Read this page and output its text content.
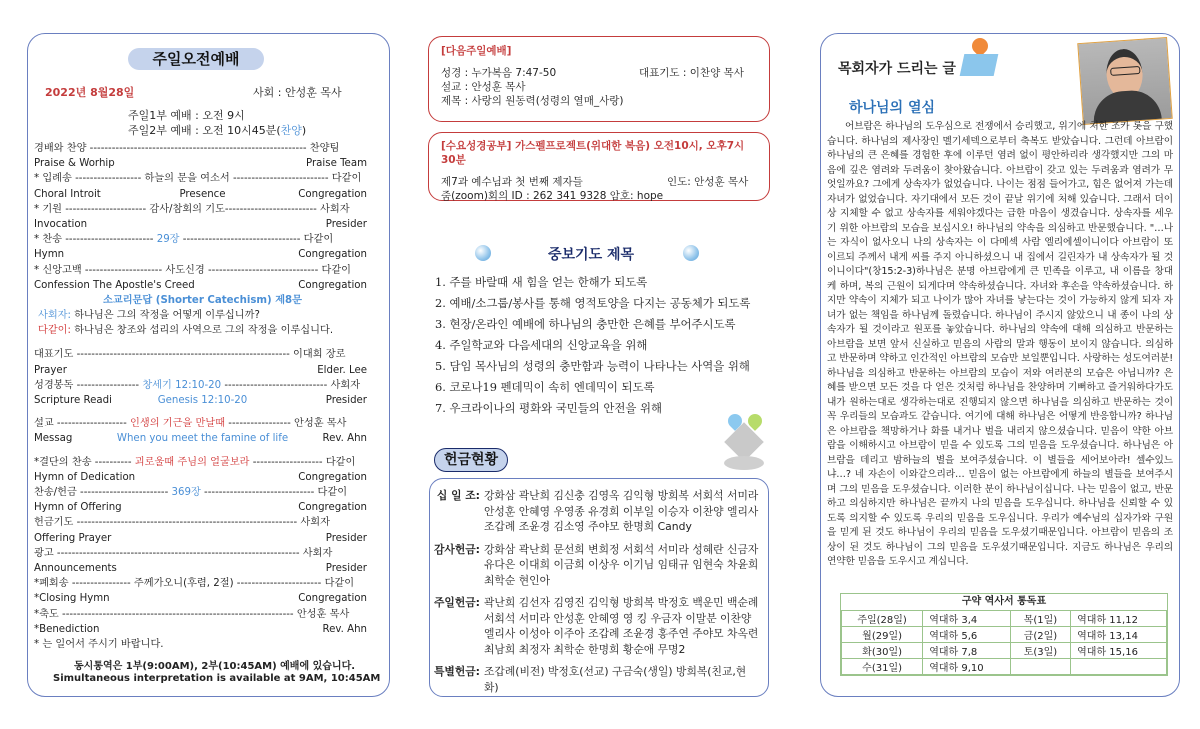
주일오전예배
2022년 8월28일	사회 : 안성훈 목사
주일1부 예배 : 오전 9시
주일2부 예배 : 오전 10시45분(찬양)
경배와 찬양 ----------------------------------------------------------- 찬양팀
Praise & Worhip	Praise Team
* 입례송 ------------------ 하늘의 문을 여소서 -------------------------- 다같이
Choral Introit	Presence	Congregation
* 기원 ---------------------- 감사/참회의 기도------------------------- 사회자
Invocation	Presider
* 찬송 ------------------------ 29장 -------------------------------- 다같이
Hymn	Congregation
* 신앙고백 --------------------- 사도신경 ------------------------------ 다같이
Confession The Apostle's Creed	Congregation
소교리문답 (Shorter Catechism) 제8문
사회자: 하나님은 그의 작정을 어떻게 이루십니까?
다같이: 하나님은 창조와 섭리의 사역으로 그의 작정을 이루십니다.
대표기도 ---------------------------------------------------------- 이대희 장로
Prayer	Elder. Lee
성경봉독 ----------------- 창세기 12:10-20 ---------------------------- 사회자
Scripture Readi	Genesis 12:10-20	Presider
설교 ------------------- 인생의 기근을 만날때 ----------------- 안성훈 목사
Messag	When you meet the famine of life	Rev. Ahn
*결단의 찬송 ---------- 괴로울때 주님의 얼굴보라 ------------------- 다같이
Hymn of Dedication	Congregation
찬송/헌금 ------------------------ 369장 ------------------------------ 다같이
Hymn of Offering	Congregation
헌금기도 ------------------------------------------------------------ 사회자
Offering Prayer	Presider
광고 ------------------------------------------------------------------ 사회자
Announcements	Presider
*폐회송 ---------------- 주께가오니(후렴, 2절) ----------------------- 다같이
*Closing Hymn	Congregation
*축도 --------------------------------------------------------------- 안성훈 목사
*Benediction	Rev. Ahn
* 는 일어서 주시기 바랍니다.
동시통역은 1부(9:00AM), 2부(10:45AM) 예배에 있습니다.
Simultaneous interpretation is available at 9AM, 10:45AM
[다음주일예배]
성경 : 누가복음 7:47-50	대표기도 : 이찬양 목사
설교 : 안성훈 목사
제목 : 사랑의 원동력(성령의 열매_사랑)
[수요성경공부] 가스펠프로젝트(위대한 복음) 오전10시, 오후7시30분
제7과 예수님과 첫 번째 제자들	인도: 안성훈 목사
줌(zoom)회의 ID : 262 341 9328 암호: hope
중보기도 제목
1. 주를 바랄때 새 힘을 얻는 한해가 되도록
2. 예배/소그룹/봉사를 통해 영적토양을 다지는 공동체가 되도록
3. 현장/온라인 예배에 하나님의 충만한 은혜를 부어주시도록
4. 주일학교와 다음세대의 신앙교육을 위해
5. 담임 목사님의 성령의 충만함과 능력이 나타나는 사역을 위해
6. 코로나19 펜데믹이 속히 엔데믹이 되도록
7. 우크라이나의 평화와 국민들의 안전을 위해
헌금현황
십 일 조: 강화삼 곽난희 김신충 김영옥 김익형 방희복 서회석 서미라 안성훈 안혜영 우영종 유경희 이부일 이승자 이찬양 엘리사 조갑례 조윤경 김소영 주야모 한명희 Candy
감사헌금: 강화삼 곽난희 문선희 변희정 서회석 서미라 성혜란 신금자 유다은 이대희 이금희 이상우 이기님 임태규 임현숙 차윤희 최학순 현인아
주일헌금: 곽난희 김선자 김영진 김익형 방희복 박정호 백운민 백순례 서회석 서미라 안성훈 안혜영 영 킹 우금자 이말분 이찬양 엘리사 이성아 이주아 조갑례 조윤경 홍주연 주야모 차옥련 최남희 최정자 최학순 한명희 황순애 무명2
특별헌금: 조갑례(비전) 박정호(선교) 구금숙(생일) 방희복(친교,현화)
목회자가 드리는 글
하나님의 열심
어브람은 하나님의 도우심으로 전쟁에서 승리했고, 위기에 처한 조카 롯을 구했습니다. 하나님의 제사장인 멜기세덱으로부터 축복도 받았습니다. 그런데 아브람이 하나님의 큰 은혜를 경험한 후에 이루던 염려 없이 평안하리라 생각했지만 그의 마음에 깊은 염려와 두려움이 찾아왔습니다. 아브람이 갖고 있는 두려움과 염려가 무엇일까요? 그에게 상속자가 없었습니다. 나이는 점점 들어가고, 힘은 없어져 가는데 자녀가 없었습니다. 자기대에서 모든 것이 끝날 위기에 처해 있습니다. 그래서 더이상 지체할 수 없고 상속자를 세워야겠다는 급한 마음이 생겼습니다. 상속자를 세우기 위한 아브람의 모습을 보십시오! 하나님의 약속을 의심하고 반문했습니다. "…나는 자식이 없사오니 나의 상속자는 이 다메섹 사람 엘리에셀이니이다 아브람이 또 이르되 주께서 내게 씨를 주지 아니하셨으니 내 집에서 길린자가 내 상속자가 될 것이니이다"(창15:2-3)하나님은 분명 아브람에게 큰 민족을 이루고, 내 이름을 창대케 하며, 복의 근원이 되게다며 약속하셨습니다. 자녀와 후손을 약속하셨습니다. 하지만 약속이 지체가 되고 나이가 많아 자녀를 낳는다는 것이 가능하지 않게 되자 자녀가 없는 책임을 하나님께 돌렸습니다. 하나님이 주시지 않았으니 내 종이 나의 상속자가 될 것이라고 원포를 놓았습니다. 하나님의 약속에 대해 의심하고 반문하는 아브람을 보면 앞서 신실하고 믿음의 사람의 말과 행동이 보이지 않습니다. 의심하고 반문하며 약하고 인간적인 아브람의 모습만 보일뿐입니다. 사랑하는 성도여러분! 하나님을 의심하고 반문하는 아브람의 모습이 저와 여러분의 모습은 아닙니까? 은혜를 받으면 모든 것을 다 얻은 것처럼 하나님을 찬양하며 기뻐하고 즐거워하다가도 내가 원하는대로 생각하는대로 진행되지 않으면 하나님을 의심하고 반문하는 것이 꼭 우리들의 모습과도 같습니다. 여기에 대해 하나님은 어떻게 반응합니까? 하나님은 아브람을 책망하거나 화를 내거나 벌을 내리지 않으셨습니다. 믿음이 약한 아브람을 이해하시고 아브람이 믿을 수 있도록 그의 믿음을 도우셨습니다. 하나님은 아브람을 데리고 밤하늘의 별을 보여주셨습니다. 이 별들을 세어보아라! 셀수있느냐…? 네 자손이 이와같으리라… 믿음이 없는 아브람에게 하늘의 별들을 보여주시며 그의 믿음을 도우셨습니다. 이러한 분이 하나님이십니다. 나는 믿음이 없고, 반문하고 의심하지만 하나님은 끝까지 나의 믿음을 도우십니다. 하나님을 신뢰할 수 있도록 의지할 수 있도록 우리의 믿음을 도우십니다. 우리가 예수님의 십자가와 구원을 믿게 된 것도 하나님이 우리의 믿음을 도우셨기때문입니다. 아브람이 믿음의 조상이 된 것도 하나님이 그의 믿음을 도우셨기때문입니다. 지금도 하나님은 우리의 연약한 믿음을 도우시고 계십니다.
구약 역사서 통독표
주일(28일)	역대하 3,4	목(1일)	역대하 11,12
월(29일)	역대하 5,6	금(2일)	역대하 13,14
화(30일)	역대하 7,8	토(3일)	역대하 15,16
수(31일)	역대하 9,10		
